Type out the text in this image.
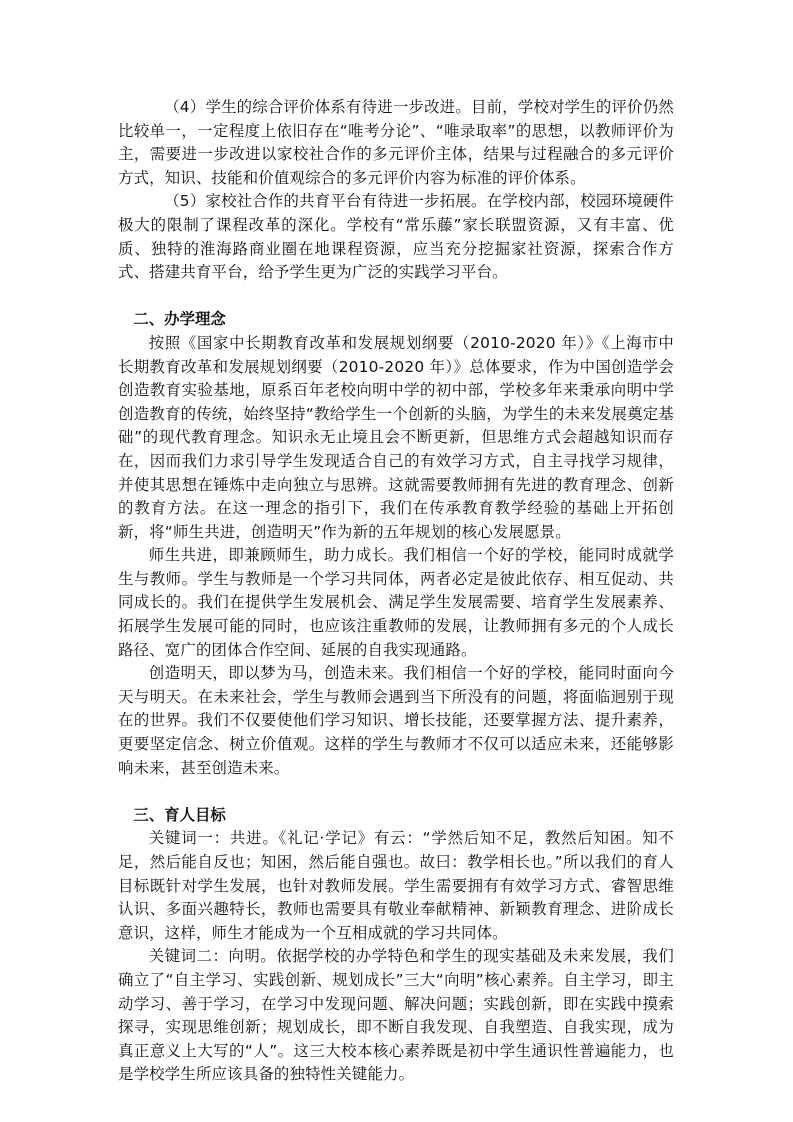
（4）学生的综合评价体系有待进一步改进。目前，学校对学生的评价仍然比较单一，一定程度上依旧存在“唯考分论”、“唯录取率”的思想，以教师评价为主，需要进一步改进以家校社合作的多元评价主体，结果与过程融合的多元评价方式，知识、技能和价值观综合的多元评价内容为标准的评价体系。

（5）家校社合作的共育平台有待进一步拓展。在学校内部，校园环境硬件极大的限制了课程改革的深化。学校有“常乐藤”家长联盟资源，又有丰富、优质、独特的淮海路商业圈在地课程资源，应当充分挖掘家社资源，探索合作方式、搭建共育平台，给予学生更为广泛的实践学习平台。

二、办学理念

按照《国家中长期教育改革和发展规划纲要（2010-2020 年）》《上海市中长期教育改革和发展规划纲要（2010-2020 年）》总体要求，作为中国创造学会创造教育实验基地，原系百年老校向明中学的初中部，学校多年来秉承向明中学创造教育的传统，始终坚持“教给学生一个创新的头脑，为学生的未来发展奠定基础”的现代教育理念。知识永无止境且会不断更新，但思维方式会超越知识而存在，因而我们力求引导学生发现适合自己的有效学习方式，自主寻找学习规律，并使其思想在锤炼中走向独立与思辨。这就需要教师拥有先进的教育理念、创新的教育方法。在这一理念的指引下，我们在传承教育教学经验的基础上开拓创新，将“师生共进，创造明天”作为新的五年规划的核心发展愿景。

师生共进，即兼顾师生，助力成长。我们相信一个好的学校，能同时成就学生与教师。学生与教师是一个学习共同体，两者必定是彼此依存、相互促动、共同成长的。我们在提供学生发展机会、满足学生发展需要、培育学生发展素养、拓展学生发展可能的同时，也应该注重教师的发展，让教师拥有多元的个人成长路径、宽广的团体合作空间、延展的自我实现通路。

创造明天，即以梦为马，创造未来。我们相信一个好的学校，能同时面向今天与明天。在未来社会，学生与教师会遇到当下所没有的问题，将面临迥别于现在的世界。我们不仅要使他们学习知识、增长技能，还要掌握方法、提升素养，更要坚定信念、树立价值观。这样的学生与教师才不仅可以适应未来，还能够影响未来，甚至创造未来。

三、育人目标

关键词一：共进。《礼记·学记》有云：“学然后知不足，教然后知困。知不足，然后能自反也；知困，然后能自强也。故曰：教学相长也。”所以我们的育人目标既针对学生发展，也针对教师发展。学生需要拥有有效学习方式、睿智思维认识、多面兴趣特长，教师也需要具有敬业奉献精神、新颖教育理念、进阶成长意识，这样，师生才能成为一个互相成就的学习共同体。

关键词二：向明。依据学校的办学特色和学生的现实基础及未来发展，我们确立了“自主学习、实践创新、规划成长”三大“向明”核心素养。自主学习，即主动学习、善于学习，在学习中发现问题、解决问题；实践创新，即在实践中摸索探寻，实现思维创新；规划成长，即不断自我发现、自我塑造、自我实现，成为真正意义上大写的“人”。这三大校本核心素养既是初中学生通识性普遍能力，也是学校学生所应该具备的独特性关键能力。
